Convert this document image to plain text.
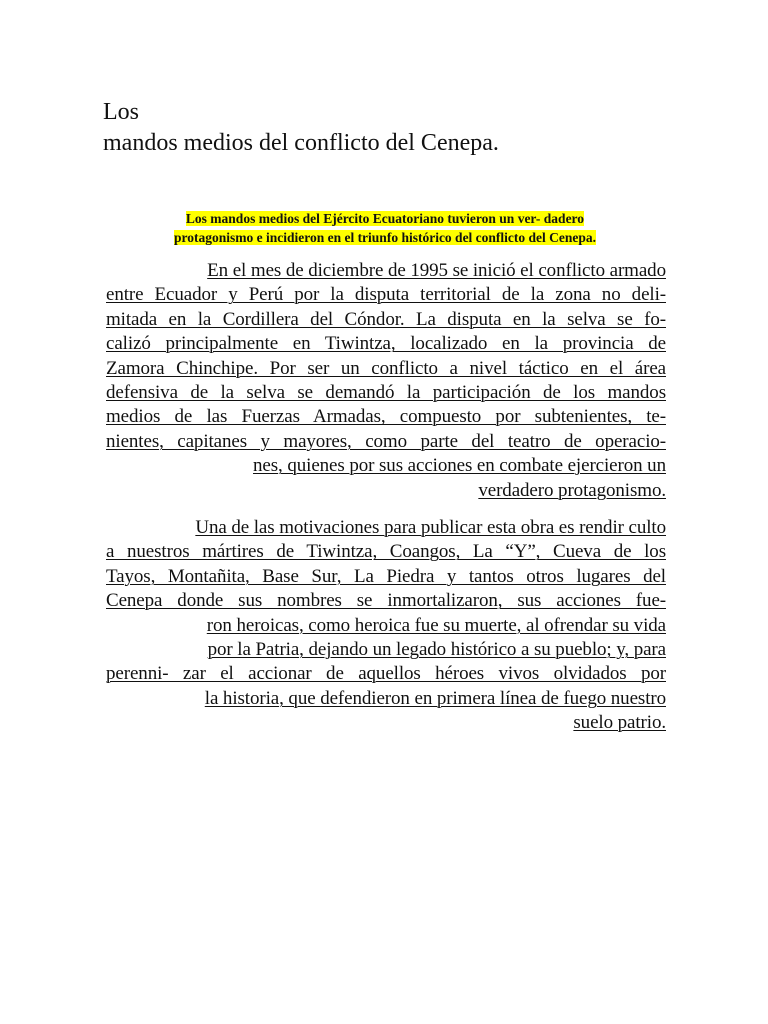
Los
mandos medios del conflicto del Cenepa.

Los mandos medios del Ejército Ecuatoriano tuvieron un ver- dadero
protagonismo e incidieron en el triunfo histórico del conflicto del Cenepa.

En el mes de diciembre de 1995 se inició el conflicto armado
entre Ecuador y Perú por la disputa territorial de la zona no deli-
mitada en la Cordillera del Cóndor. La disputa en la selva se fo-
calizó principalmente en Tiwintza, localizado en la provincia de
Zamora Chinchipe. Por ser un conflicto a nivel táctico en el área
defensiva de la selva se demandó la participación de los mandos
medios de las Fuerzas Armadas, compuesto por subtenientes, te-
nientes, capitanes y mayores, como parte del teatro de operacio-
nes, quienes por sus acciones en combate ejercieron un
verdadero protagonismo.

Una de las motivaciones para publicar esta obra es rendir culto
a nuestros mártires de Tiwintza, Coangos, La “Y”, Cueva de los
Tayos, Montañita, Base Sur, La Piedra y tantos otros lugares del
Cenepa donde sus nombres se inmortalizaron, sus acciones fue-
ron heroicas, como heroica fue su muerte, al ofrendar su vida
por la Patria, dejando un legado histórico a su pueblo; y, para
perenni- zar el accionar de aquellos héroes vivos olvidados por
la historia, que defendieron en primera línea de fuego nuestro
suelo patrio.
